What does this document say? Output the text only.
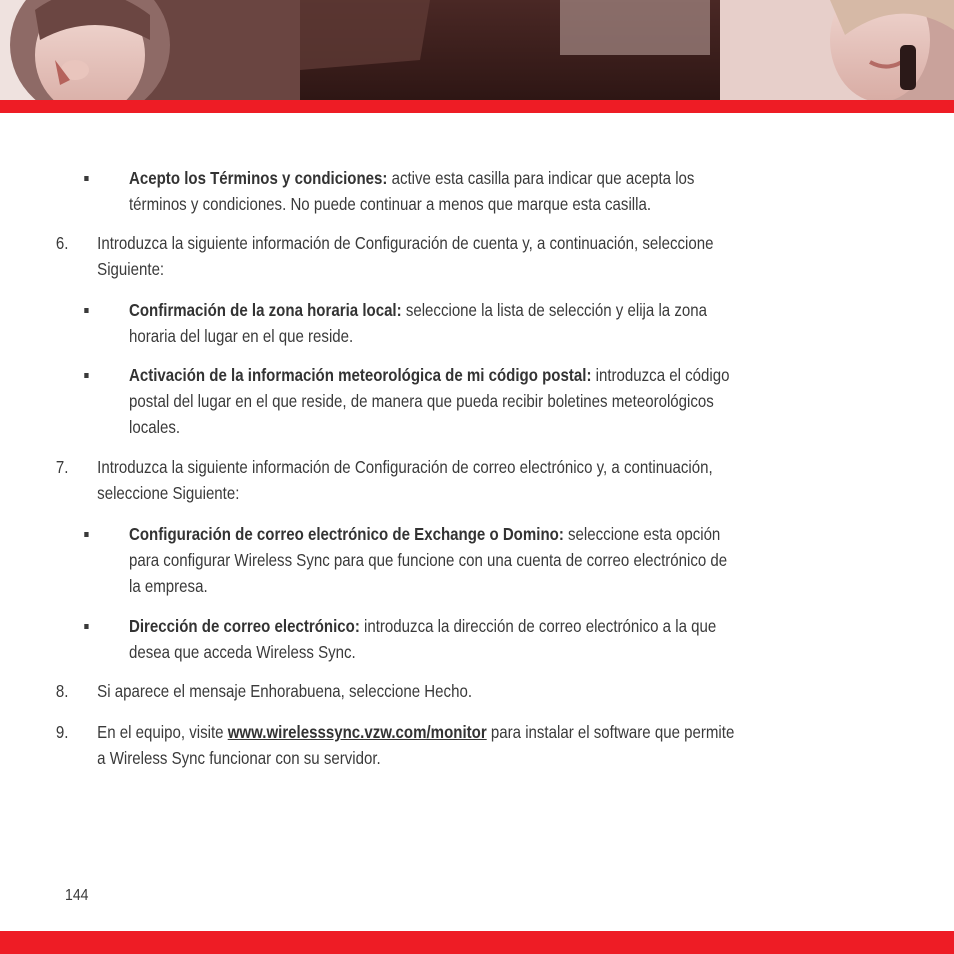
Acepto los Términos y condiciones: active esta casilla para indicar que acepta los
términos y condiciones. No puede continuar a menos que marque esta casilla.
6. Introduzca la siguiente información de Configuración de cuenta y, a continuación, seleccione
Siguiente:
Confirmación de la zona horaria local: seleccione la lista de selección y elija la zona
horaria del lugar en el que reside.
Activación de la información meteorológica de mi código postal: introduzca el código
postal del lugar en el que reside, de manera que pueda recibir boletines meteorológicos
locales.
7. Introduzca la siguiente información de Configuración de correo electrónico y, a continuación,
seleccione Siguiente:
Configuración de correo electrónico de Exchange o Domino: seleccione esta opción
para configurar Wireless Sync para que funcione con una cuenta de correo electrónico de
la empresa.
Dirección de correo electrónico: introduzca la dirección de correo electrónico a la que
desea que acceda Wireless Sync.
8. Si aparece el mensaje Enhorabuena, seleccione Hecho.
9. En el equipo, visite www.wirelesssync.vzw.com/monitor para instalar el software que permite
a Wireless Sync funcionar con su servidor.
144
